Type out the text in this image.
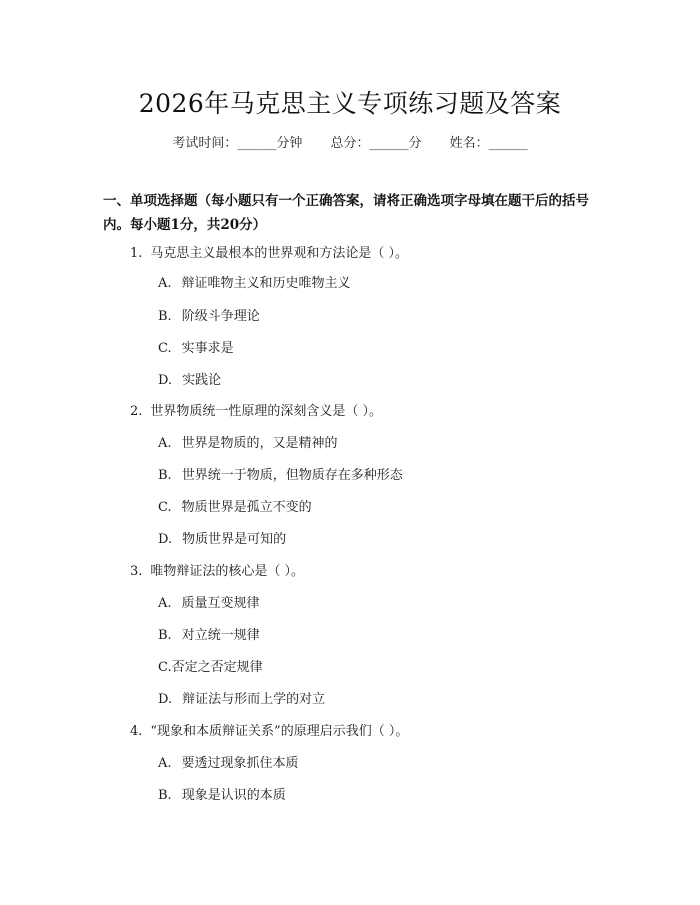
2026年马克思主义专项练习题及答案
考试时间：______分钟 总分：______分 姓名：______
一、单项选择题（每小题只有一个正确答案，请将正确选项字母填在题干后的括号内。每小题1分，共20分）
1. 马克思主义最根本的世界观和方法论是（ ）。
A. 辩证唯物主义和历史唯物主义
B. 阶级斗争理论
C. 实事求是
D. 实践论
2. 世界物质统一性原理的深刻含义是（ ）。
A. 世界是物质的，又是精神的
B. 世界统一于物质，但物质存在多种形态
C. 物质世界是孤立不变的
D. 物质世界是可知的
3. 唯物辩证法的核心是（ ）。
A. 质量互变规律
B. 对立统一规律
C.否定之否定规律
D. 辩证法与形而上学的对立
4. “现象和本质辩证关系”的原理启示我们（ ）。
A. 要透过现象抓住本质
B. 现象是认识的本质
